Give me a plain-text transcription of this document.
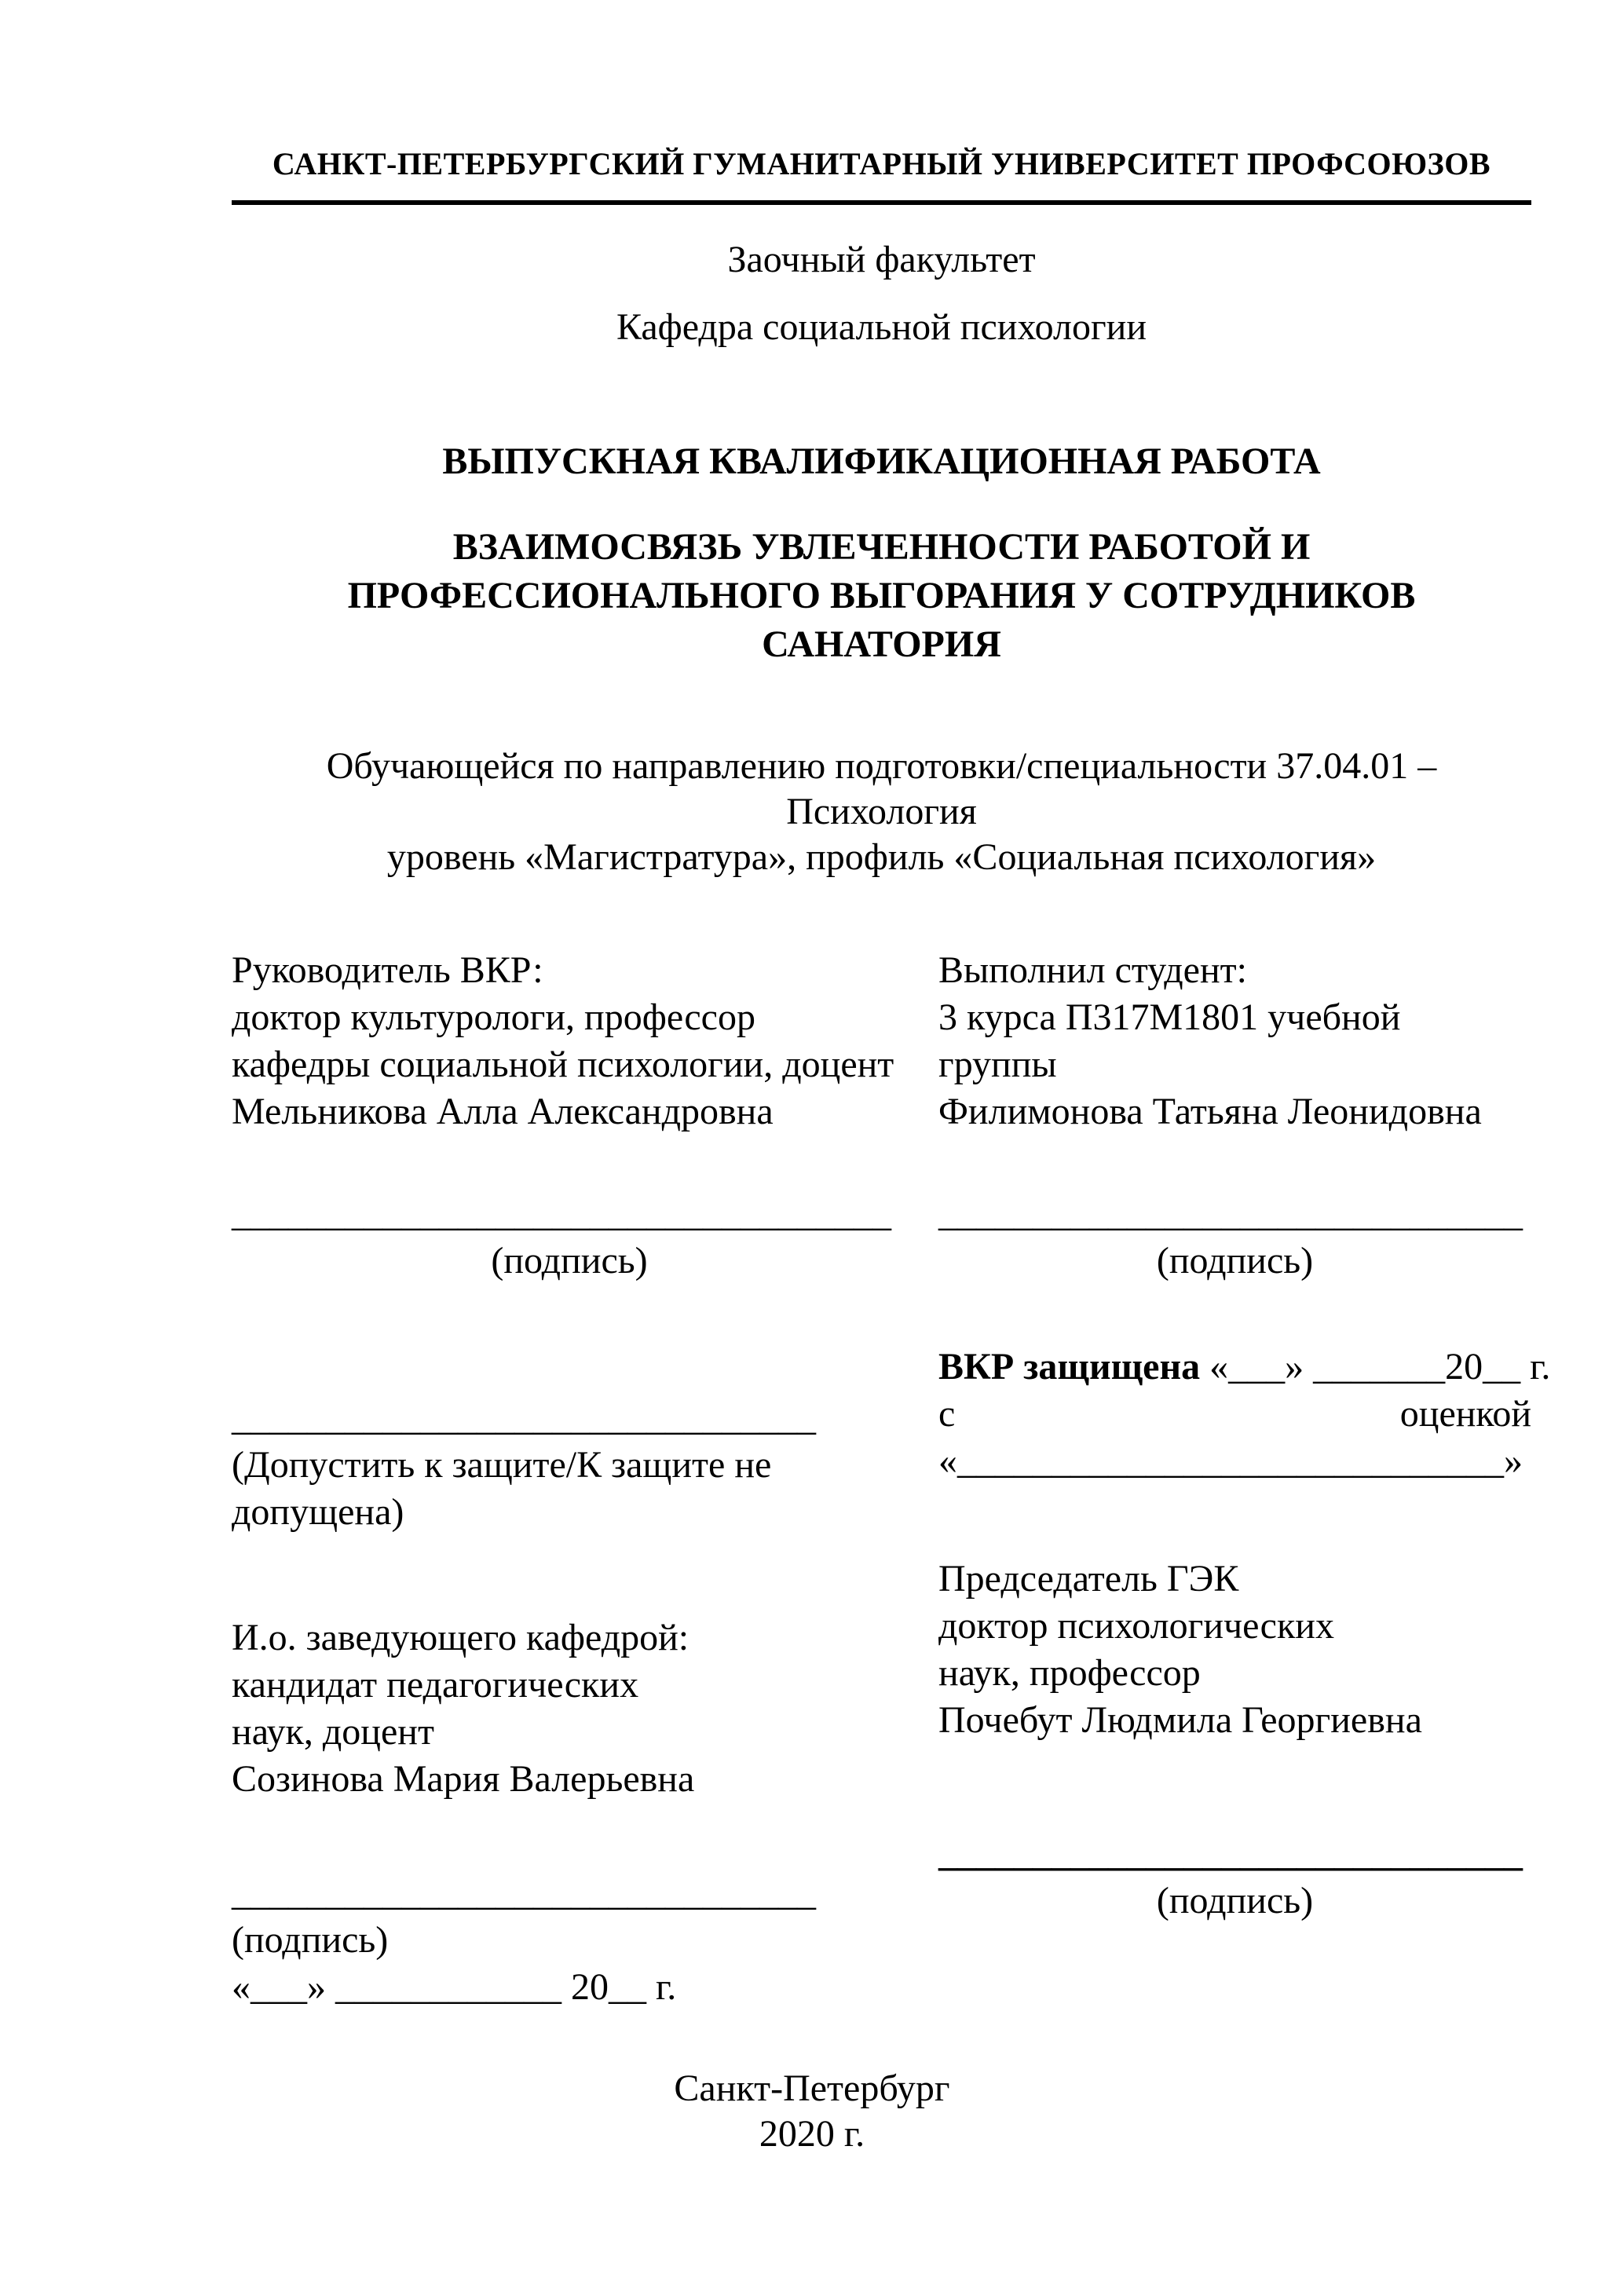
САНКТ-ПЕТЕРБУРГСКИЙ ГУМАНИТАРНЫЙ УНИВЕРСИТЕТ ПРОФСОЮЗОВ
Заочный факультет
Кафедра социальной психологии
ВЫПУСКНАЯ КВАЛИФИКАЦИОННАЯ РАБОТА
ВЗАИМОСВЯЗЬ УВЛЕЧЕННОСТИ РАБОТОЙ И
ПРОФЕССИОНАЛЬНОГО ВЫГОРАНИЯ У СОТРУДНИКОВ
САНАТОРИЯ
Обучающейся по направлению подготовки/специальности 37.04.01 –
Психология
уровень «Магистратура», профиль «Социальная психология»
Руководитель ВКР:
доктор культурологи, профессор
кафедры социальной психологии, доцент
Мельникова Алла Александровна
___________________________________
(подпись)
_______________________________
(Допустить к защите/К защите не
допущена)
И.о. заведующего кафедрой:
кандидат педагогических
наук, доцент
Созинова Мария Валерьевна
_______________________________
(подпись)
«___» ____________ 20__ г.
Выполнил студент:
3 курса П317М1801 учебной
группы
Филимонова Татьяна Леонидовна
_______________________________
(подпись)
ВКР защищена «___» _______20__ г.
с	оценкой
«_____________________________»
Председатель ГЭК
доктор психологических
наук, профессор
Почебут Людмила Георгиевна
_______________________________
(подпись)
Санкт-Петербург
2020 г.
